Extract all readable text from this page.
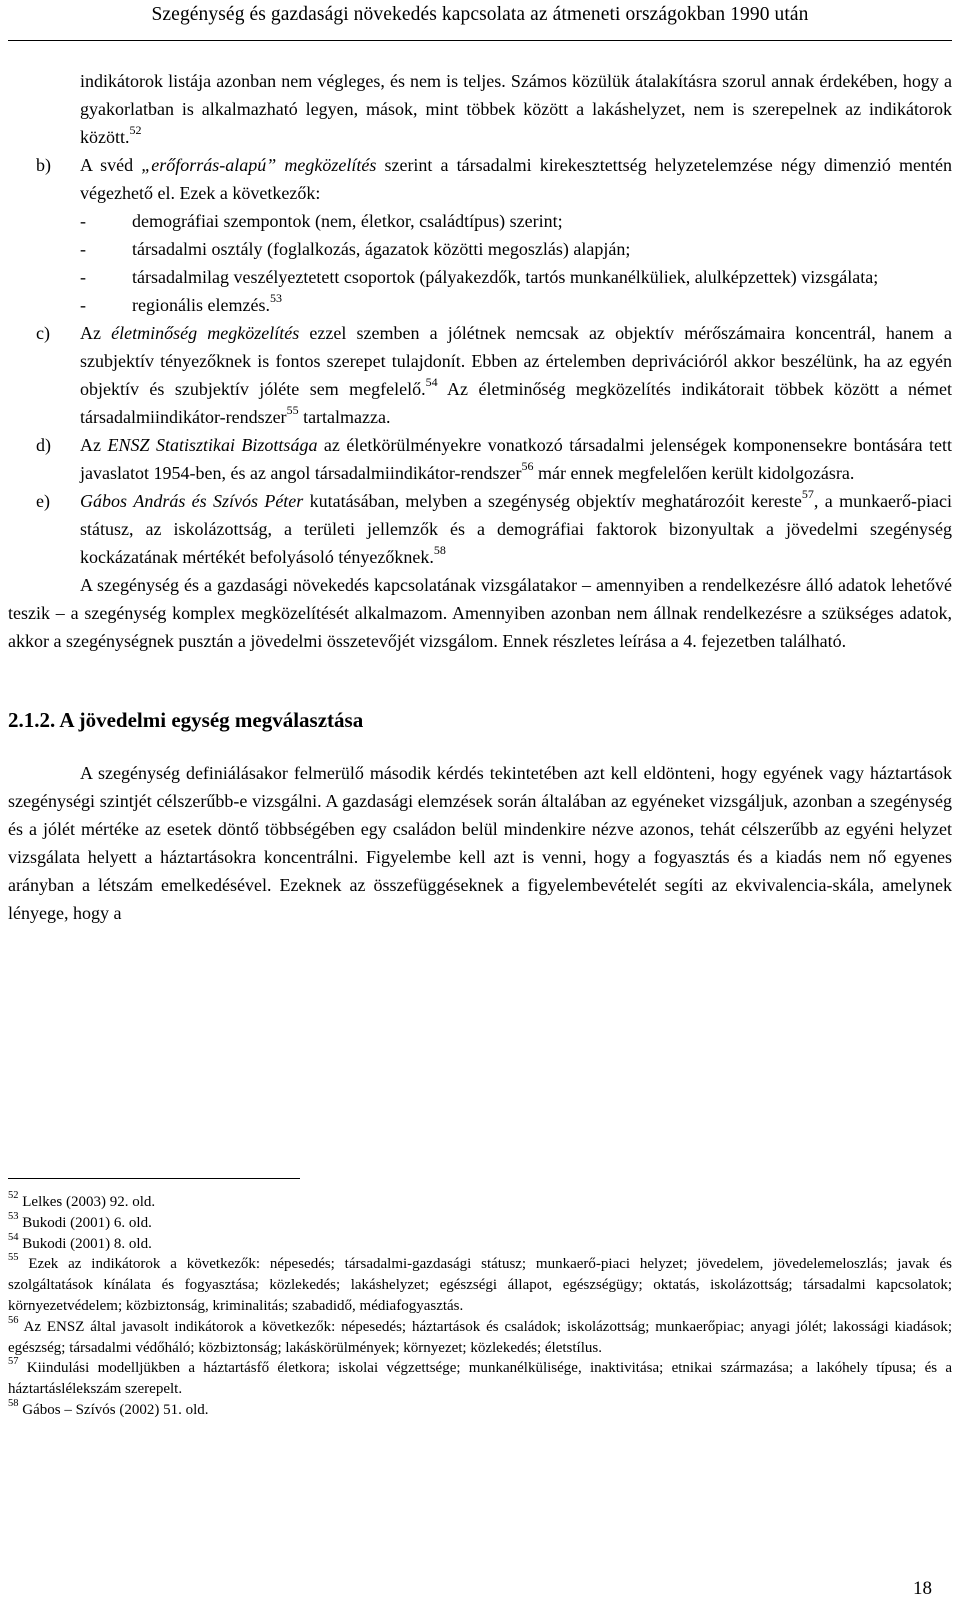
Szegénység és gazdasági növekedés kapcsolata az átmeneti országokban 1990 után

indikátorok listája azonban nem végleges, és nem is teljes. Számos közülük átalakításra szorul annak érdekében, hogy a gyakorlatban is alkalmazható legyen, mások, mint többek között a lakáshelyzet, nem is szerepelnek az indikátorok között.$^{52}$

b) A svéd „erőforrás-alapú” megközelítés szerint a társadalmi kirekesztettség helyzetelemzése négy dimenzió mentén végezhető el. Ezek a következők:

-	demográfiai szempontok (nem, életkor, családtípus) szerint;
-	társadalmi osztály (foglalkozás, ágazatok közötti megoszlás) alapján;
-	társadalmilag veszélyeztetett csoportok (pályakezdők, tartós munkanélküliek, alulképzettek) vizsgálata;
-	regionális elemzés.$^{53}$
c) Az életminőség megközelítés ezzel szemben a jólétnek nemcsak az objektív mérőszámaira koncentrál, hanem a szubjektív tényezőknek is fontos szerepet tulajdonít. Ebben az értelemben deprivációról akkor beszélünk, ha az egyén objektív és szubjektív jóléte sem megfelelő.$^{54}$ Az életminőség megközelítés indikátorait többek között a német társadalmiindikátor-rendszer$^{55}$ tartalmazza.

d) Az ENSZ Statisztikai Bizottsága az életkörülményekre vonatkozó társadalmi jelenségek komponensekre bontására tett javaslatot 1954-ben, és az angol társadalmiindikátor-rendszer$^{56}$ már ennek megfelelően került kidolgozásra.

e) Gábos András és Szívós Péter kutatásában, melyben a szegénység objektív meghatározóit kereste$^{57}$, a munkaerő-piaci státusz, az iskolázottság, a területi jellemzők és a demográfiai faktorok bizonyultak a jövedelmi szegénység kockázatának mértékét befolyásoló tényezőknek.$^{58}$

A szegénység és a gazdasági növekedés kapcsolatának vizsgálatakor – amennyiben a rendelkezésre álló adatok lehetővé teszik – a szegénység komplex megközelítését alkalmazom. Amennyiben azonban nem állnak rendelkezésre a szükséges adatok, akkor a szegénységnek pusztán a jövedelmi összetevőjét vizsgálom. Ennek részletes leírása a 4. fejezetben található.

2.1.2. A jövedelmi egység megválasztása

A szegénység definiálásakor felmerülő második kérdés tekintetében azt kell eldönteni, hogy egyének vagy háztartások szegénységi szintjét célszerűbb-e vizsgálni. A gazdasági elemzések során általában az egyéneket vizsgáljuk, azonban a szegénység és a jólét mértéke az esetek döntő többségében egy családon belül mindenkire nézve azonos, tehát célszerűbb az egyéni helyzet vizsgálata helyett a háztartásokra koncentrálni. Figyelembe kell azt is venni, hogy a fogyasztás és a kiadás nem nő egyenes arányban a létszám emelkedésével. Ezeknek az összefüggéseknek a figyelembevételét segíti az ekvivalencia-skála, amelynek lényege, hogy a

$^{52}$ Lelkes (2003) 92. old.

$^{53}$ Bukodi (2001) 6. old.

$^{54}$ Bukodi (2001) 8. old.

$^{55}$ Ezek az indikátorok a következők: népesedés; társadalmi-gazdasági státusz; munkaerő-piaci helyzet; jövedelem, jövedelemeloszlás; javak és szolgáltatások kínálata és fogyasztása; közlekedés; lakáshelyzet; egészségi állapot, egészségügy; oktatás, iskolázottság; társadalmi kapcsolatok; környezetvédelem; közbiztonság, kriminalitás; szabadidő, médiafogyasztás.

$^{56}$ Az ENSZ által javasolt indikátorok a következők: népesedés; háztartások és családok; iskolázottság; munkaerőpiac; anyagi jólét; lakossági kiadások; egészség; társadalmi védőháló; közbiztonság; lakáskörülmények; környezet; közlekedés; életstílus.

$^{57}$ Kiindulási modelljükben a háztartásfő életkora; iskolai végzettsége; munkanélkülisége, inaktivitása; etnikai származása; a lakóhely típusa; és a háztartáslélekszám szerepelt.

$^{58}$ Gábos – Szívós (2002) 51. old.

18
